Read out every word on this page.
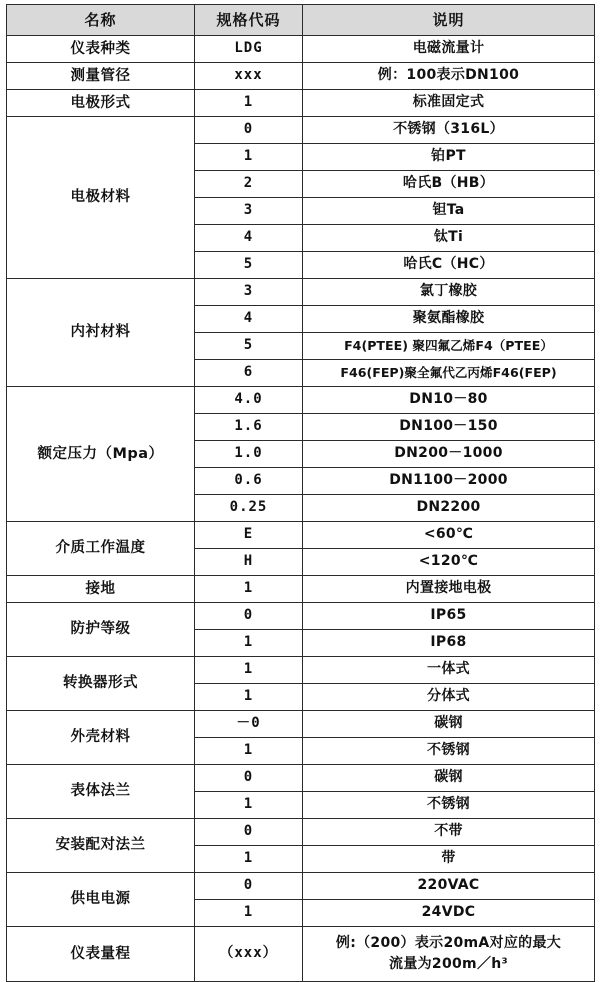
名称	规格代码	说明
仪表种类	LDG	电磁流量计
测量管径	xxx	例：100表示DN100
电极形式	1	标准固定式
电极材料	0	不锈钢（316L）
	1	铂PT
	2	哈氏B（HB）
	3	钽Ta
	4	钛Ti
	5	哈氏C（HC）
内衬材料	3	氯丁橡胶
	4	聚氨酯橡胶
	5	F4(PTEE) 聚四氟乙烯F4（PTEE）
	6	F46(FEP)聚全氟代乙丙烯F46(FEP)
额定压力（Mpa）	4.0	DN10－80
	1.6	DN100－150
	1.0	DN200－1000
	0.6	DN1100－2000
	0.25	DN2200
介质工作温度	E	<60℃
	H	<120℃
接地	1	内置接地电极
防护等级	0	IP65
	1	IP68
转换器形式	1	一体式
	1	分体式
外壳材料	－0	碳钢
	1	不锈钢
表体法兰	0	碳钢
	1	不锈钢
安装配对法兰	0	不带
	1	带
供电电源	0	220VAC
	1	24VDC
仪表量程	（xxx）	例:（200）表示20mA对应的最大
流量为200m／h³
